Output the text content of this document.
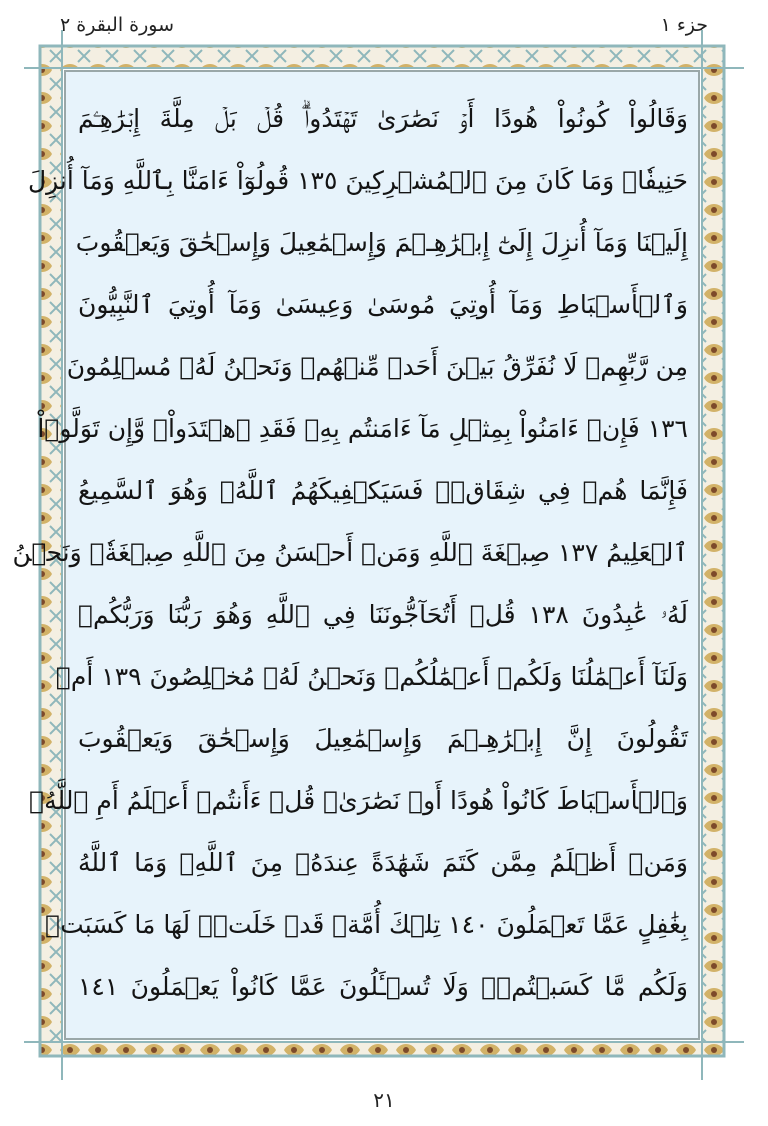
سورة البقرة ٢	جزء ١
وَقَالُواْ كُونُواْ هُودًا أَوۡ نَصَٰرَىٰ تَهۡتَدُواْۗ قُلۡ بَلۡ مِلَّةَ إِبۡرَٰهِـۧمَ
حَنِيفٗاۖ وَمَا كَانَ مِنَ ٱلۡمُشۡرِكِينَ ١٣٥ قُولُوٓاْ ءَامَنَّا بِٱللَّهِ وَمَآ أُنزِلَ
إِلَيۡنَا وَمَآ أُنزِلَ إِلَىٰٓ إِبۡرَٰهِـۧمَ وَإِسۡمَٰعِيلَ وَإِسۡحَٰقَ وَيَعۡقُوبَ
وَٱلۡأَسۡبَاطِ وَمَآ أُوتِيَ مُوسَىٰ وَعِيسَىٰ وَمَآ أُوتِيَ ٱلنَّبِيُّونَ
مِن رَّبِّهِمۡ لَا نُفَرِّقُ بَيۡنَ أَحَدٖ مِّنۡهُمۡ وَنَحۡنُ لَهُۥ مُسۡلِمُونَ
١٣٦ فَإِنۡ ءَامَنُواْ بِمِثۡلِ مَآ ءَامَنتُم بِهِۦ فَقَدِ ٱهۡتَدَواْۖ وَّإِن تَوَلَّوۡاْ
فَإِنَّمَا هُمۡ فِي شِقَاقٖۖ فَسَيَكۡفِيكَهُمُ ٱللَّهُۚ وَهُوَ ٱلسَّمِيعُ
ٱلۡعَلِيمُ ١٣٧ صِبۡغَةَ ٱللَّهِ وَمَنۡ أَحۡسَنُ مِنَ ٱللَّهِ صِبۡغَةٗۖ وَنَحۡنُ
لَهُۥ عَٰبِدُونَ ١٣٨ قُلۡ أَتُحَآجُّونَنَا فِي ٱللَّهِ وَهُوَ رَبُّنَا وَرَبُّكُمۡ
وَلَنَآ أَعۡمَٰلُنَا وَلَكُمۡ أَعۡمَٰلُكُمۡ وَنَحۡنُ لَهُۥ مُخۡلِصُونَ ١٣٩ أَمۡ
تَقُولُونَ إِنَّ إِبۡرَٰهِـۧمَ وَإِسۡمَٰعِيلَ وَإِسۡحَٰقَ وَيَعۡقُوبَ
وَٱلۡأَسۡبَاطَ كَانُواْ هُودًا أَوۡ نَصَٰرَىٰۗ قُلۡ ءَأَنتُمۡ أَعۡلَمُ أَمِ ٱللَّهُۗ
وَمَنۡ أَظۡلَمُ مِمَّن كَتَمَ شَهَٰدَةً عِندَهُۥ مِنَ ٱللَّهِۗ وَمَا ٱللَّهُ
بِغَٰفِلٍ عَمَّا تَعۡمَلُونَ ١٤٠ تِلۡكَ أُمَّةٞ قَدۡ خَلَتۡۖ لَهَا مَا كَسَبَتۡ
وَلَكُم مَّا كَسَبۡتُمۡۖ وَلَا تُسۡـَٔلُونَ عَمَّا كَانُواْ يَعۡمَلُونَ ١٤١
٢١
